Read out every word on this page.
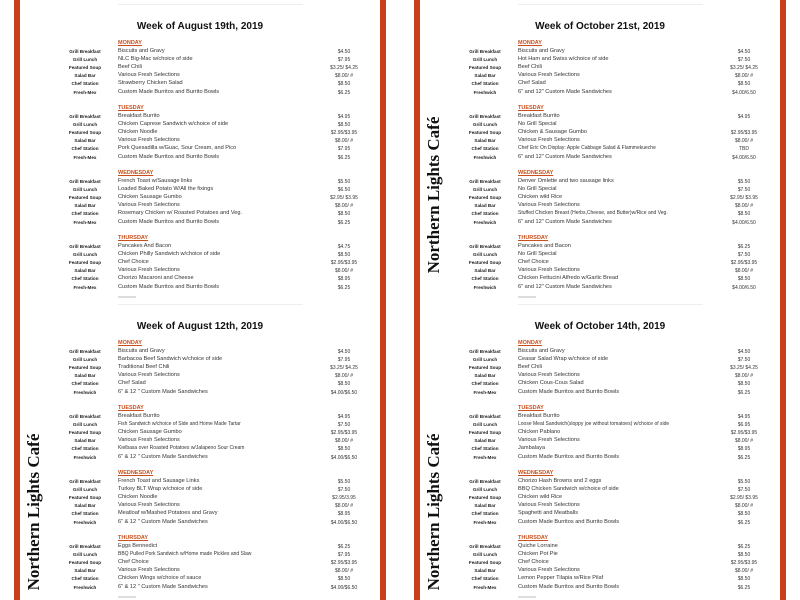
Week of August 19th, 2019
MONDAY
Grill Breakfast	Biscuits and Gravy	$4.50
Grill Lunch	NLC Big-Mac w/choice of side	$7.95
Featured Soup	Beef Chili	$3.25/ $4.25
Salad Bar	Various Fresh Selections	$8.00/ #
Chef Station	Strawberry Chicken Salad	$8.50
Fresh-Mex	Custom Made Burritos and Burrito Bowls	$6.25
TUESDAY
Grill Breakfast	Breakfast Burrito	$4.95
Grill Lunch	Chicken Caprese Sandwich w/choice of side	$8.50
Featured Soup	Chicken Noodle	$2.95/$3.95
Salad Bar	Various Fresh Selections	$8.00/ #
Chef Station	Pork Quesadilla w/Guac, Sour Cream, and Pico	$7.95
Fresh-Mex	Custom Made Burritos and Burrito Bowls	$6.25
WEDNESDAY
Grill Breakfast	French Toast w/Sausage links	$5.50
Grill Lunch	Loaded Baked Potato W/All the fixings	$6.50
Featured Soup	Chicken Sausage Gumbo	$2.95/ $3.95
Salad Bar	Various Fresh Selections	$8.00/ #
Chef Station	Rosemary Chicken w/ Roasted Potatoes and Veg.	$8.50
Fresh-Mex	Custom Made Burritos and Burrito Bowls	$6.25
THURSDAY
Grill Breakfast	Pancakes And Bacon	$4.75
Grill Lunch	Chicken Philly Sandwich w/choice of side	$8.50
Featured Soup	Chef Choice	$2.95/$3.95
Salad Bar	Various Fresh Selections	$8.00/ #
Chef Station	Chorizo Macaroni and Cheese	$8.95
Fresh-Mex	Custom Made Burritos and Burrito Bowls	$6.25
Week of October 21st, 2019
Northern Lights Café
MONDAY
Grill Breakfast	Biscuits and Gravy	$4.50
Grill Lunch	Hot Ham and Swiss w/choice of side	$7.50
Featured Soup	Beef Chili	$3.25/ $4.25
Salad Bar	Various Fresh Selections	$8.00/ #
Chef Station	Chef Salad	$8.50
Freshwich	6" and 12" Custom Made Sandwiches	$4.00/6.50
TUESDAY
Grill Breakfast	Breakfast Burrito	$4.95
Grill Lunch	No Grill Special
Featured Soup	Chicken & Sausage Gumbo	$2.95/$3.95
Salad Bar	Various Fresh Selections	$8.00/ #
Chef Station	Chef Eric On Display: Apple Cabbage Salad & Flammekueche	TBD
Freshwich	6" and 12" Custom Made Sandwiches	$4.00/6.50
WEDNESDAY
Grill Breakfast	Denver Omlette and two sausage links	$5.50
Grill Lunch	No Grill Special	$7.50
Featured Soup	Chicken wild Rice	$2.95/ $3.95
Salad Bar	Various Fresh Selections	$8.00/ #
Chef Station	Stuffed Chicken Breast (Herbs,Cheese, and Butter)w/Rice and Veg.	$8.50
Freshwich	6" and 12" Custom Made Sandwiches	$4.00/6.50
THURSDAY
Grill Breakfast	Pancakes and Bacon	$6.25
Grill Lunch	No Grill Special	$7.50
Featured Soup	Chef Choice	$2.95/$3.95
Salad Bar	Various Fresh Selections	$8.00/ #
Chef Station	Chicken Fettucini Alfredo w/Garlic Bread	$8.50
Freshwich	6" and 12" Custom Made Sandwiches	$4.00/6.50
Week of August 12th, 2019
Northern Lights Café
MONDAY
Grill Breakfast	Biscuits and Gravy	$4.50
Grill Lunch	Barbacoa Beef Sandwich w/choice of side	$7.95
Featured Soup	Traditional Beef Chili	$3.25/ $4.25
Salad Bar	Various Fresh Selections	$8.00/ #
Chef Station	Chef Salad	$8.50
Freshwich	6" & 12 " Custom Made Sandwiches	$4.00/$6.50
TUESDAY
Grill Breakfast	Breakfast Burrito	$4.95
Grill Lunch	Fish Sandwich w/choice of Side and Home Made Tartar	$7.50
Featured Soup	Chicken Sausage Gumbo	$2.95/$3.95
Salad Bar	Various Fresh Selections	$8.00/ #
Chef Station	Kielbasa over Roasted Potatoes w/Jalapeno Sour Cream	$8.50
Freshwich	6" & 12 " Custom Made Sandwiches	$4.00/$6.50
WEDNESDAY
Grill Breakfast	French Toast and Sausage Links	$5.50
Grill Lunch	Turkey BLT Wrap w/choice of side	$7.50
Featured Soup	Chicken Noodle	$2.95/3.95
Salad Bar	Various Fresh Selections	$8.00/ #
Chef Station	Meatloaf w/Mashed Potatoes and Gravy	$8.95
Freshwich	6" & 12 " Custom Made Sandwiches	$4.00/$6.50
THURSDAY
Grill Breakfast	Eggs Bennedict	$6.25
Grill Lunch	BBQ Pulled Pork Sandwich w/Home made Pickles and Slaw	$7.95
Featured Soup	Chef Choice	$2.95/$3.95
Salad Bar	Various Fresh Selections	$8.00/ #
Chef Station	Chicken Wings w/choice of sauce	$8.50
Freshwich	6" & 12 " Custom Made Sandwiches	$4.00/$6.50
Week of October 14th, 2019
Northern Lights Café
MONDAY
Grill Breakfast	Biscuits and Gravy	$4.50
Grill Lunch	Ceasar Salad Wrap w/choice of side	$7.50
Featured Soup	Beef Chili	$3.25/ $4.25
Salad Bar	Various Fresh Selections	$8.00/ #
Chef Station	Chicken Cous-Cous Salad	$8.50
Fresh-Mex	Custom Made Burritos and Burrito Bowls	$6.25
TUESDAY
Grill Breakfast	Breakfast Burrito	$4.95
Grill Lunch	Loose Meat Sandwich(sloppy joe without tomatoes) w/choice of side	$6.95
Featured Soup	Chicken Pablano	$2.95/$3.95
Salad Bar	Various Fresh Selections	$8.00/ #
Chef Station	Jambalaya	$8.95
Fresh-Mex	Custom Made Burritos and Burrito Bowls	$6.25
WEDNESDAY
Grill Breakfast	Chorizo Hash Browns and 2 eggs	$5.50
Grill Lunch	BBQ Chicken Sandwich w/choice of side	$7.50
Featured Soup	Chicken wild Rice	$2.95/ $3.95
Salad Bar	Various Fresh Selections	$8.00/ #
Chef Station	Spaghetti and Meatballs	$8.50
Fresh-Mex	Custom Made Burritos and Burrito Bowls	$6.25
THURSDAY
Grill Breakfast	Quiche Lorraine	$6.25
Grill Lunch	Chicken Pot Pie	$8.50
Featured Soup	Chef Choice	$2.95/$3.95
Salad Bar	Various Fresh Selections	$8.00/ #
Chef Station	Lemon Pepper Tilapia w/Rice Pilaf	$8.50
Fresh-Mex	Custom Made Burritos and Burrito Bowls	$6.25
